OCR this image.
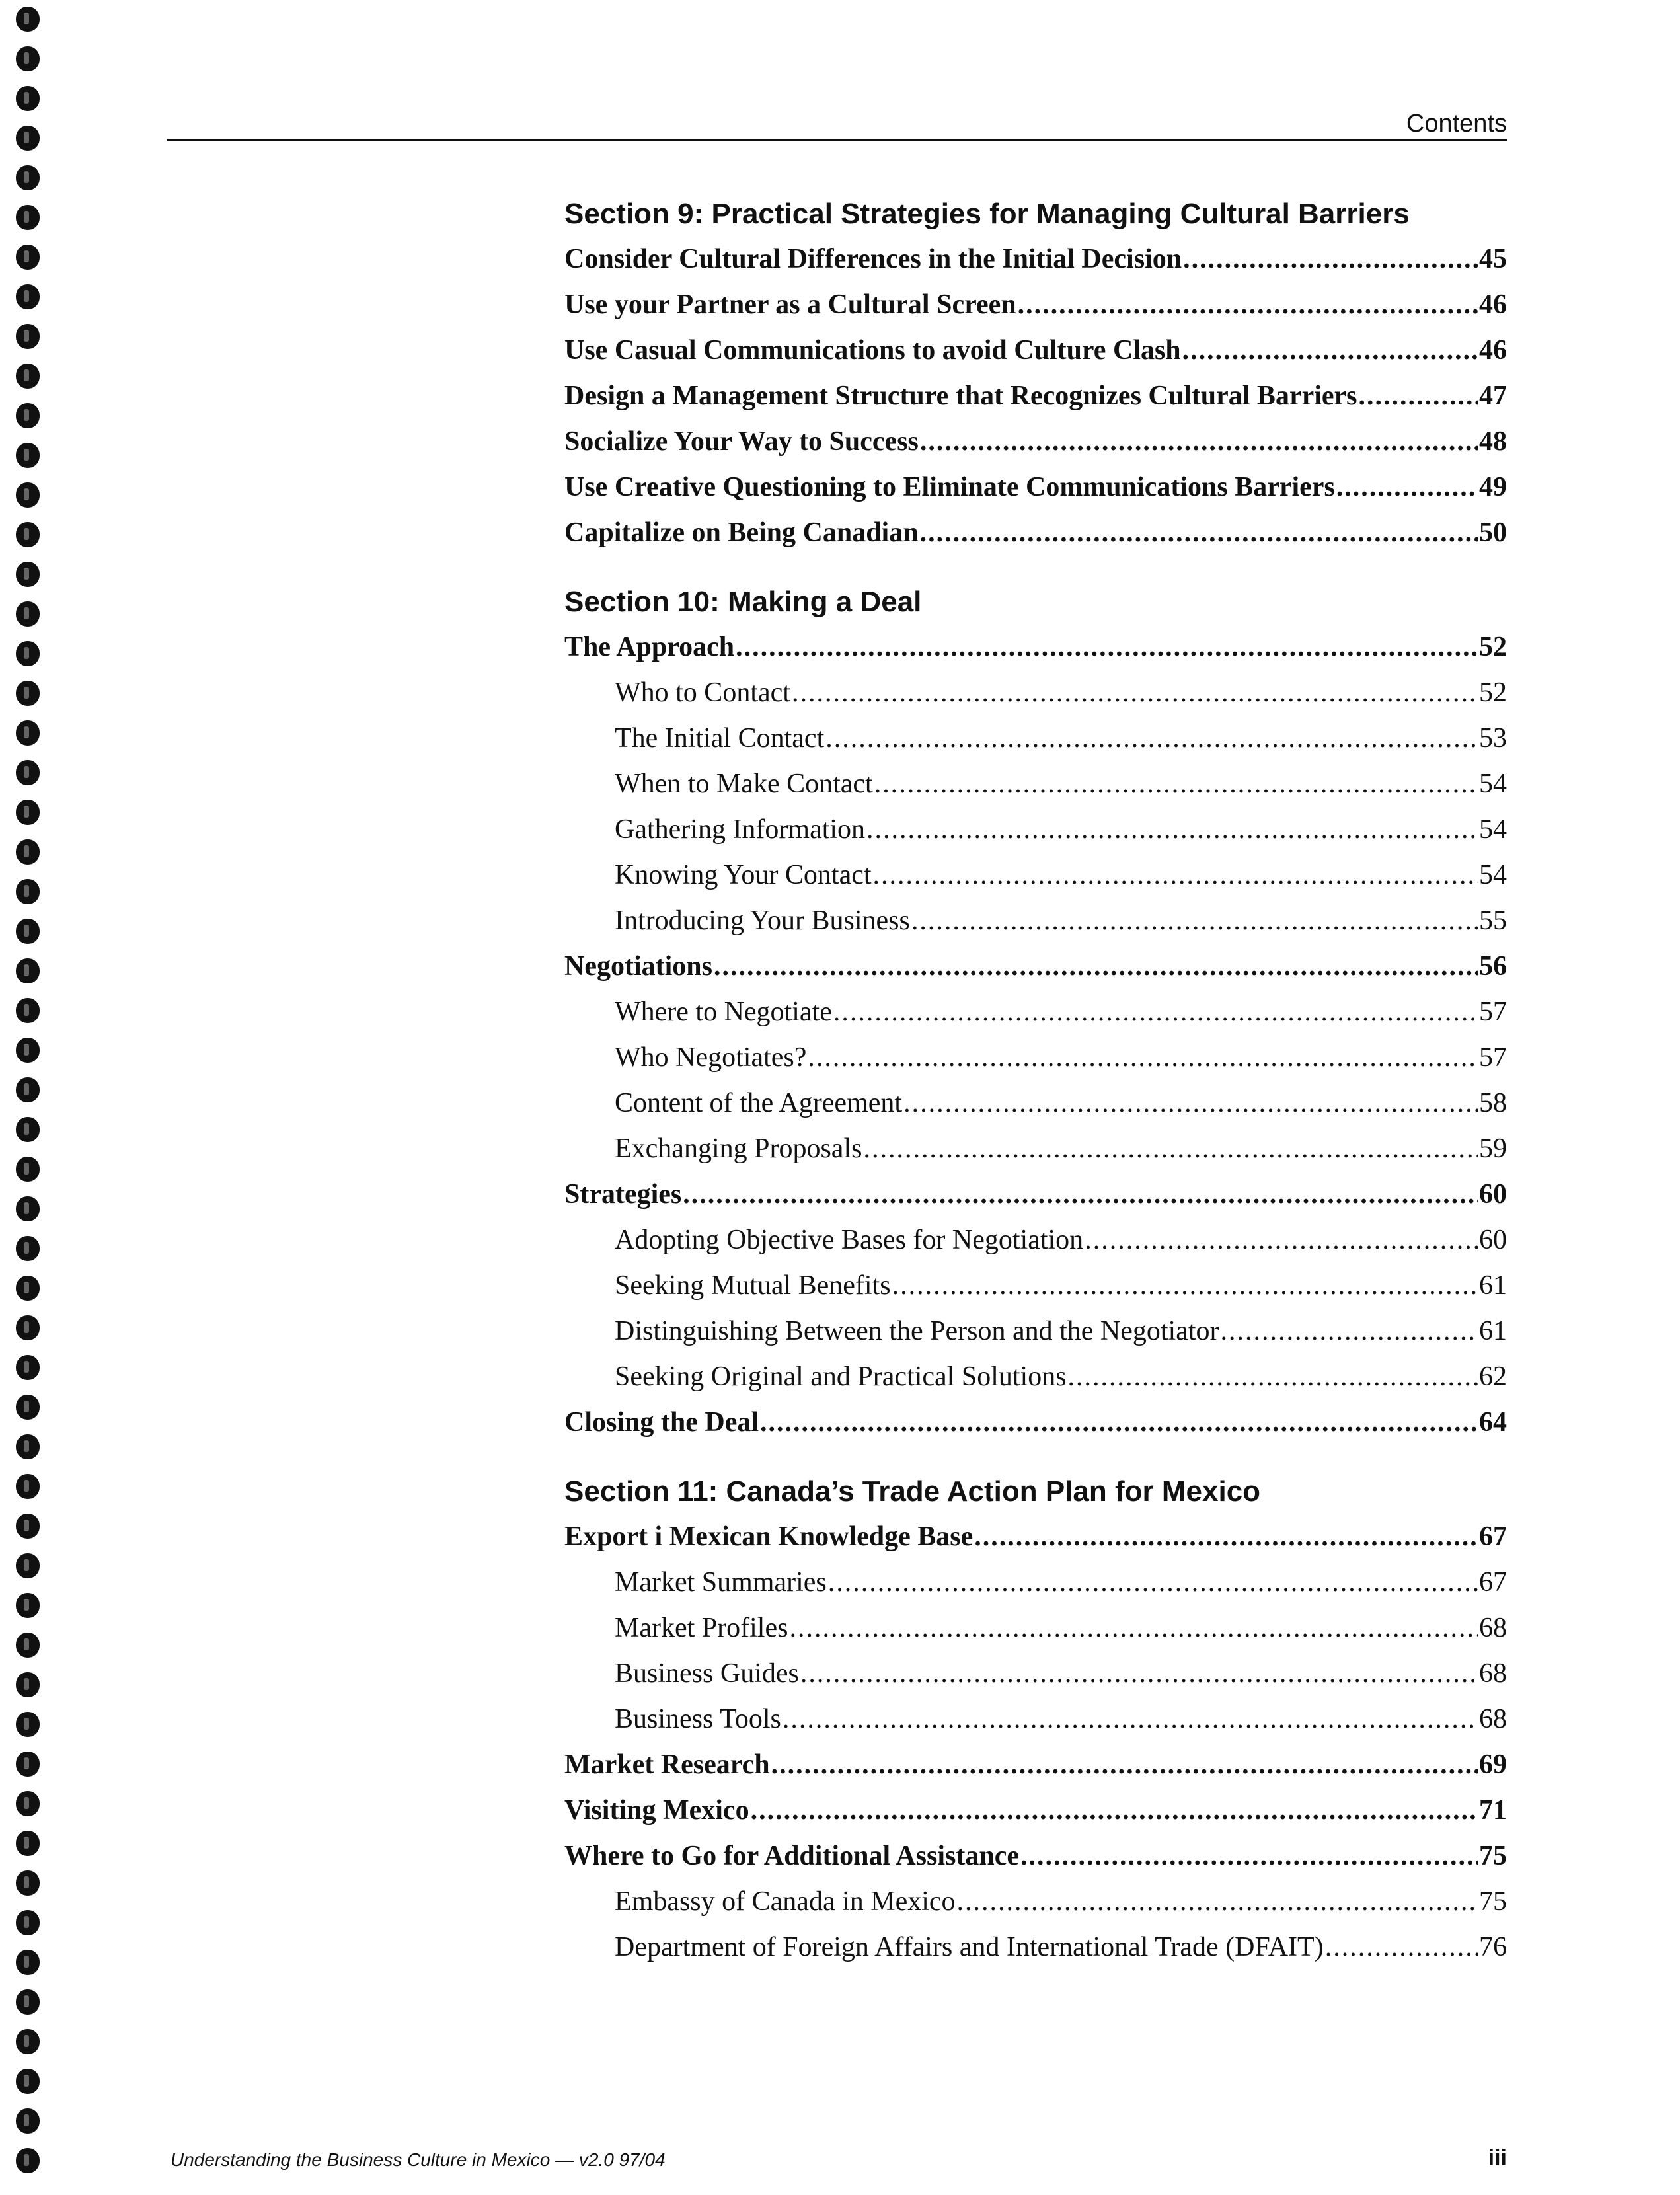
Contents
Section 9: Practical Strategies for Managing Cultural Barriers
Consider Cultural Differences in the Initial Decision .....	45
Use your Partner as a Cultural Screen .....	46
Use Casual Communications to avoid Culture Clash .....	46
Design a Management Structure that Recognizes Cultural Barriers .....	47
Socialize Your Way to Success .....	48
Use Creative Questioning to Eliminate Communications Barriers .....	49
Capitalize on Being Canadian .....	50
Section 10: Making a Deal
The Approach .....	52
Who to Contact .....	52
The Initial Contact .....	53
When to Make Contact .....	54
Gathering Information .....	54
Knowing Your Contact .....	54
Introducing Your Business .....	55
Negotiations .....	56
Where to Negotiate .....	57
Who Negotiates? .....	57
Content of the Agreement .....	58
Exchanging Proposals .....	59
Strategies .....	60
Adopting Objective Bases for Negotiation .....	60
Seeking Mutual Benefits .....	61
Distinguishing Between the Person and the Negotiator .....	61
Seeking Original and Practical Solutions .....	62
Closing the Deal .....	64
Section 11: Canada’s Trade Action Plan for Mexico
Export i Mexican Knowledge Base .....	67
Market Summaries .....	67
Market Profiles .....	68
Business Guides .....	68
Business Tools .....	68
Market Research .....	69
Visiting Mexico .....	71
Where to Go for Additional Assistance .....	75
Embassy of Canada in Mexico .....	75
Department of Foreign Affairs and International Trade (DFAIT) .....	76
Understanding the Business Culture in Mexico — v2.0 97/04	iii
